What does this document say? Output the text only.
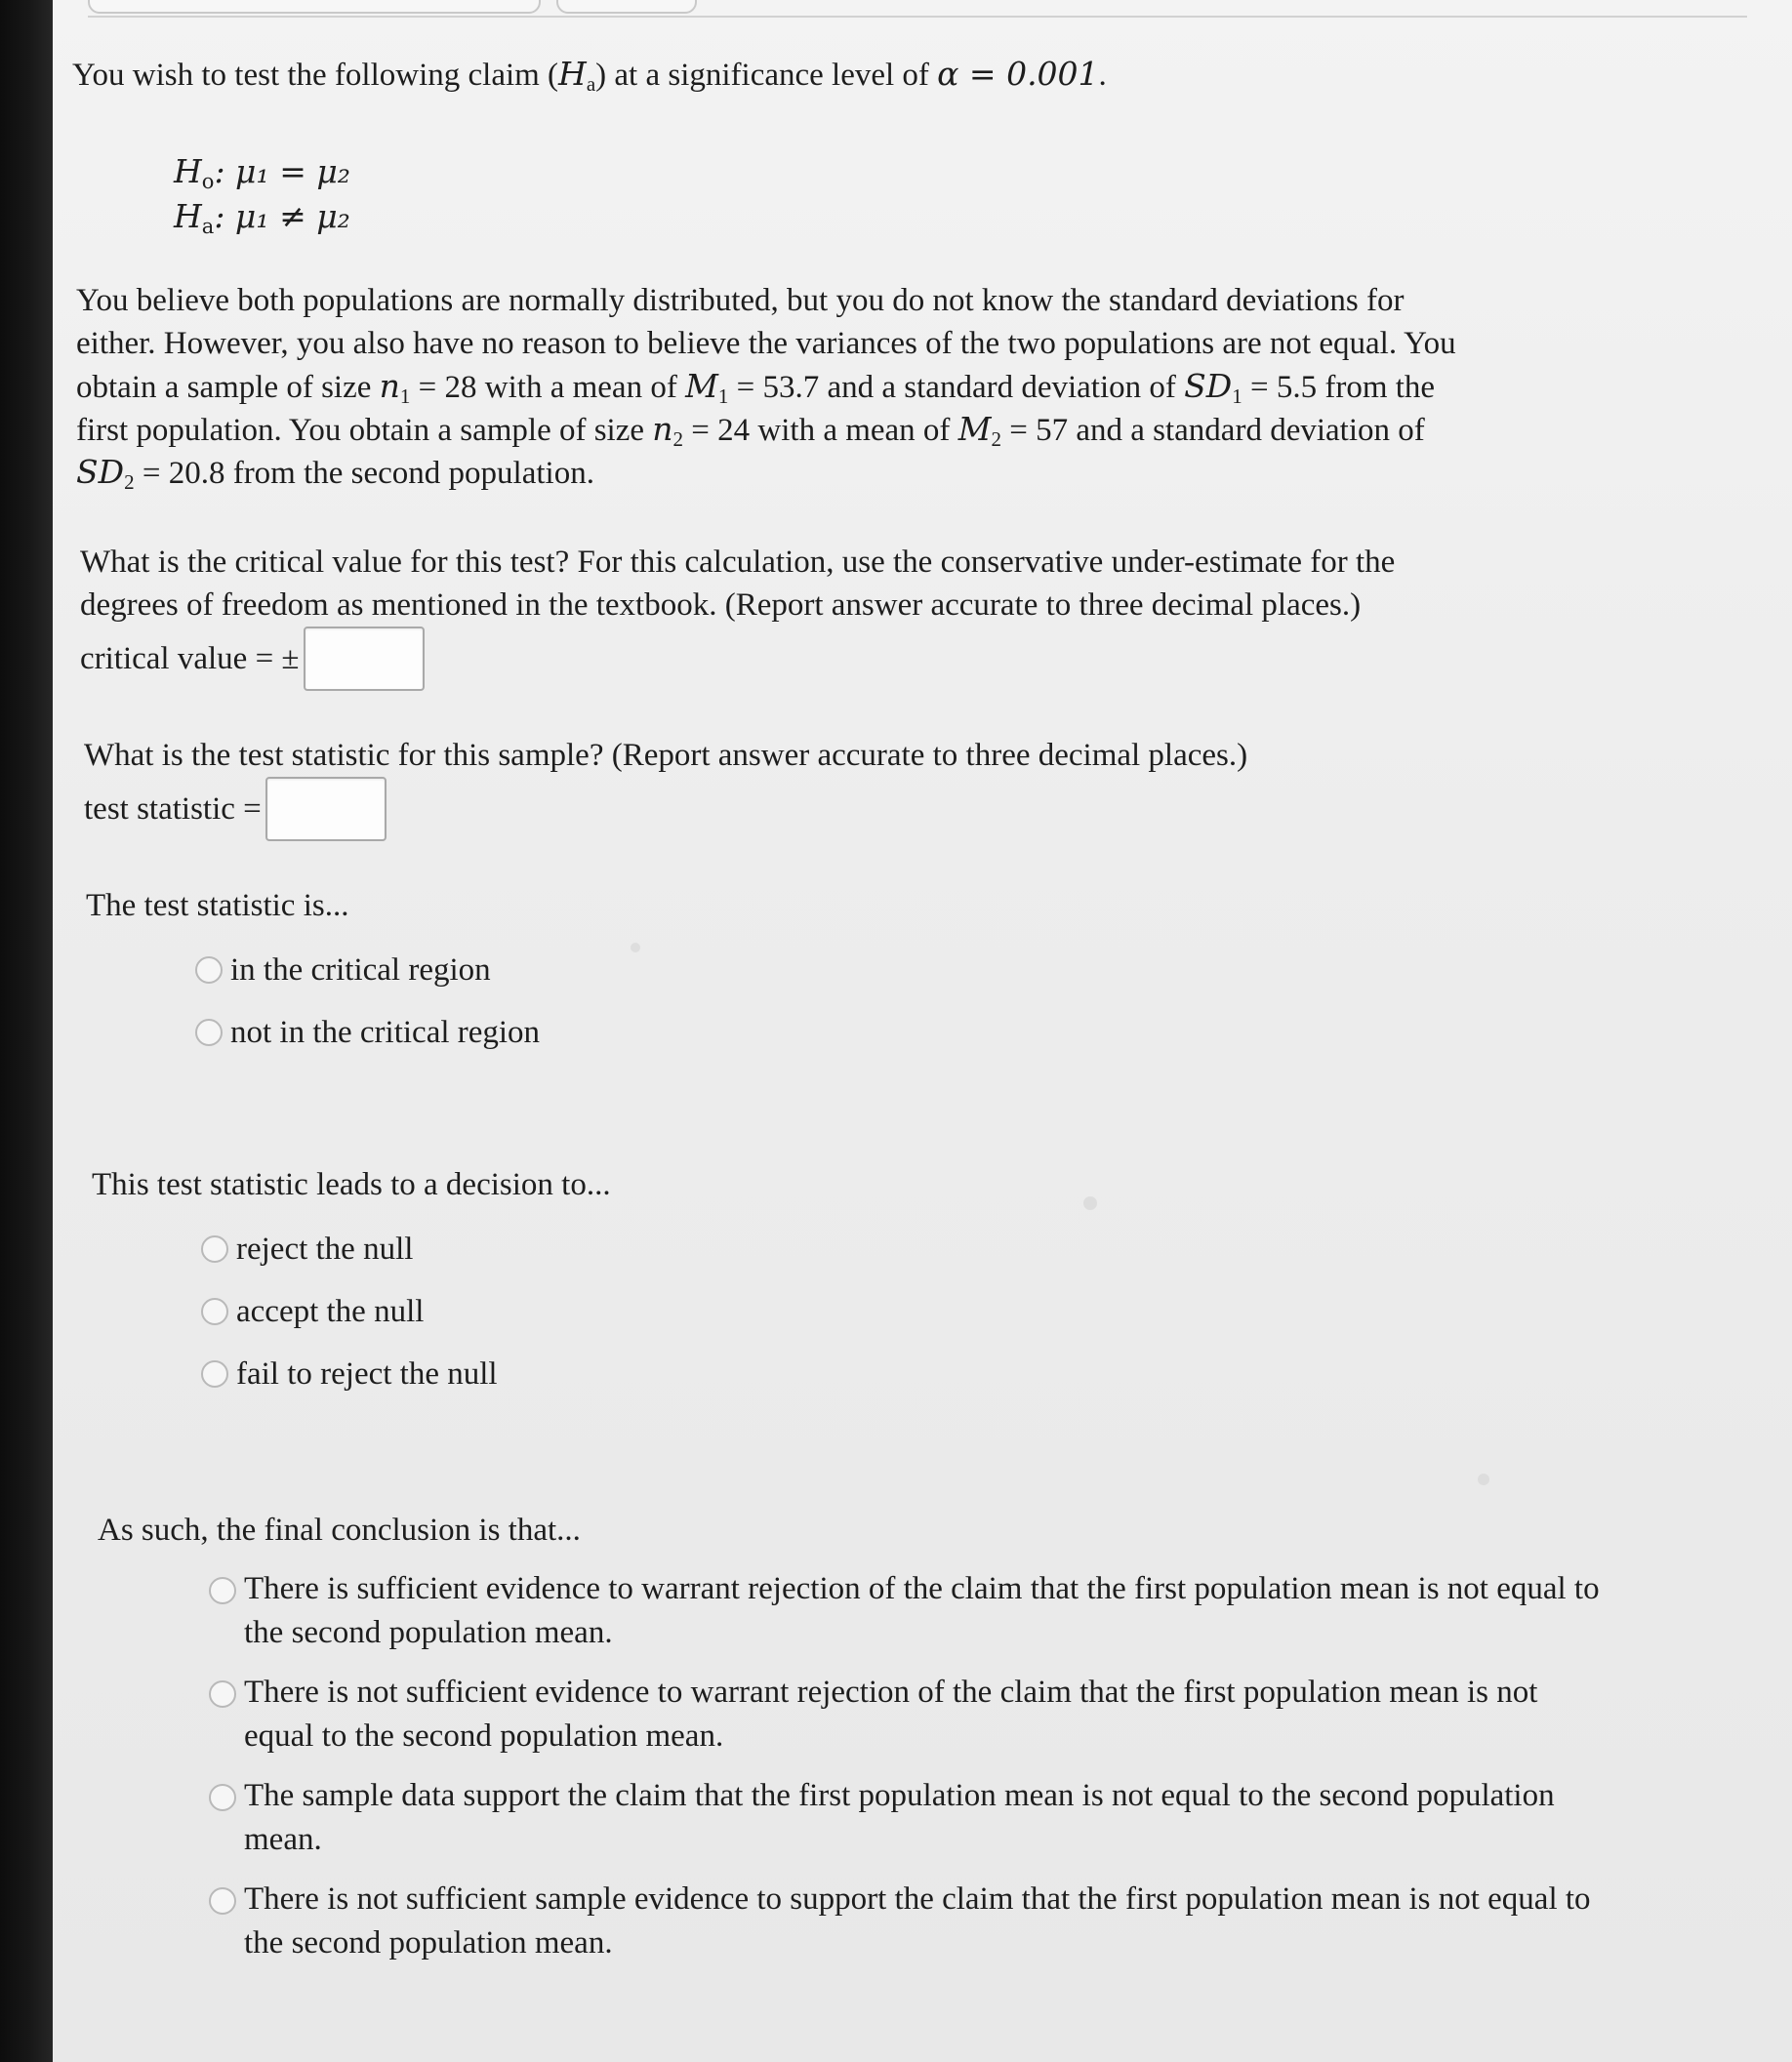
You wish to test the following claim $(H_a)$ at a significance level of α = 0.001.

$H_o$: μ₁ = μ₂
$H_a$: μ₁ ≠ μ₂

You believe both populations are normally distributed, but you do not know the standard deviations for

either. However, you also have no reason to believe the variances of the two populations are not equal. You

obtain a sample of size $n_1 = 28$ with a mean of $M_1 = 53.7$ and a standard deviation of $SD_1 = 5.5$ from the

first population. You obtain a sample of size $n_2 = 24$ with a mean of $M_2 = 57$ and a standard deviation of

$SD_2 = 20.8$ from the second population.

What is the critical value for this test? For this calculation, use the conservative under-estimate for the

degrees of freedom as mentioned in the textbook. (Report answer accurate to three decimal places.)

critical value = ±

What is the test statistic for this sample? (Report answer accurate to three decimal places.)

test statistic =

The test statistic is...

in the critical region
not in the critical region

This test statistic leads to a decision to...

reject the null
accept the null
fail to reject the null

As such, the final conclusion is that...

There is sufficient evidence to warrant rejection of the claim that the first population mean is not equal to the second population mean.
There is not sufficient evidence to warrant rejection of the claim that the first population mean is not equal to the second population mean.
The sample data support the claim that the first population mean is not equal to the second population mean.
There is not sufficient sample evidence to support the claim that the first population mean is not equal to the second population mean.
